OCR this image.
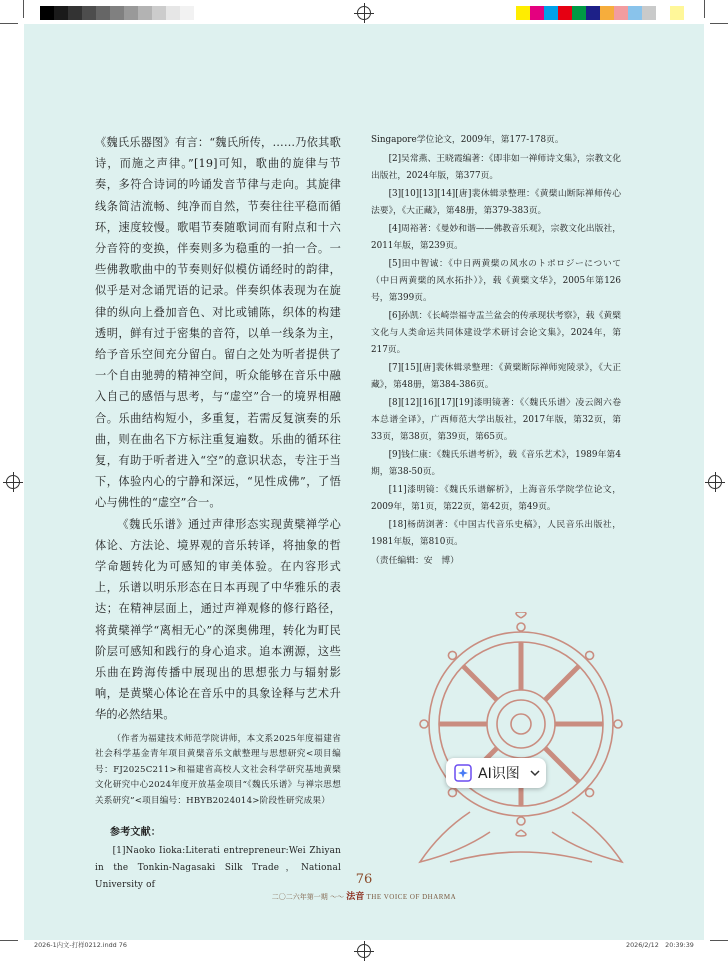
《魏氏乐器图》有言：“魏氏所传，……乃依其歌诗，而施之声律。”[19]可知，歌曲的旋律与节奏，多符合诗词的吟诵发音节律与走向。其旋律线条简洁流畅、纯净而自然，节奏往往平稳而循环，速度较慢。歌唱节奏随歌词而有附点和十六分音符的变换，伴奏则多为稳重的一拍一合。一些佛教歌曲中的节奏则好似模仿诵经时的韵律，似乎是对念诵咒语的记录。伴奏织体表现为在旋律的纵向上叠加音色、对比或铺陈，织体的构建透明，鲜有过于密集的音符，以单一线条为主，给予音乐空间充分留白。留白之处为听者提供了一个自由驰骋的精神空间，听众能够在音乐中融入自己的感悟与思考，与“虚空”合一的境界相融合。乐曲结构短小，多重复，若需反复演奏的乐曲，则在曲名下方标注重复遍数。乐曲的循环往复，有助于听者进入“空”的意识状态，专注于当下，体验内心的宁静和深远，“见性成佛”，了悟心与佛性的“虚空”合一。

《魏氏乐谱》通过声律形态实现黄檗禅学心体论、方法论、境界观的音乐转译，将抽象的哲学命题转化为可感知的审美体验。在内容形式上，乐谱以明乐形态在日本再现了中华雅乐的表达；在精神层面上，通过声禅观修的修行路径，将黄檗禅学“离相无心”的深奥佛理，转化为町民阶层可感知和践行的身心追求。追本溯源，这些乐曲在跨海传播中展现出的思想张力与辐射影响，是黄檗心体论在音乐中的具象诠释与艺术升华的必然结果。

（作者为福建技术师范学院讲师，本文系2025年度福建省社会科学基金青年项目黄檗音乐文献整理与思想研究<项目编号：FJ2025C211>和福建省高校人文社会科学研究基地黄檗文化研究中心2024年度开放基金项目“《魏氏乐谱》与禅宗思想关系研究”<项目编号：HBYB2024014>阶段性研究成果）

参考文献：

[1]Naoko Iioka:Literati entrepreneur:Wei Zhiyan in the Tonkin-Nagasaki Silk Trade，National University of

Singapore学位论文，2009年，第177-178页。

[2]吴常燕、王晓霞编著：《即非如一禅师诗文集》，宗教文化出版社，2024年版，第377页。

[3][10][13][14][唐]裴休辑录整理：《黄檗山断际禅师传心法要》，《大正藏》，第48册，第379-383页。

[4]周裕著：《曼妙和谐——佛教音乐观》，宗教文化出版社，2011年版，第239页。

[5]田中智诚：《中日两黄檗の风水のトポロジーについて（中日两黄檗的风水拓扑）》，载《黄檗文华》，2005年第126号，第399页。

[6]孙凯：《长崎崇福寺盂兰盆会的传承现状考察》，载《黄檗文化与人类命运共同体建设学术研讨会论文集》，2024年，第217页。

[7][15][唐]裴休辑录整理：《黄檗断际禅师宛陵录》，《大正藏》，第48册，第384-386页。

[8][12][16][17][19]漆明镜著：《〈魏氏乐谱〉凌云阁六卷本总谱全译》，广西师范大学出版社，2017年版，第32页，第33页，第38页，第39页，第65页。

[9]钱仁康：《魏氏乐谱考析》，载《音乐艺术》，1989年第4期，第38-50页。

[11]漆明镜：《魏氏乐谱解析》，上海音乐学院学位论文，2009年，第1页，第22页，第42页，第49页。

[18]杨荫浏著：《中国古代音乐史稿》，人民音乐出版社，1981年版，第810页。

（责任编辑：安　博）

AI识图
76
二〇二六年第一期 ～～ 法音 THE VOICE OF DHARMA
2026-1内文-打样0212.indd 76	2026/2/12　20:39:39
